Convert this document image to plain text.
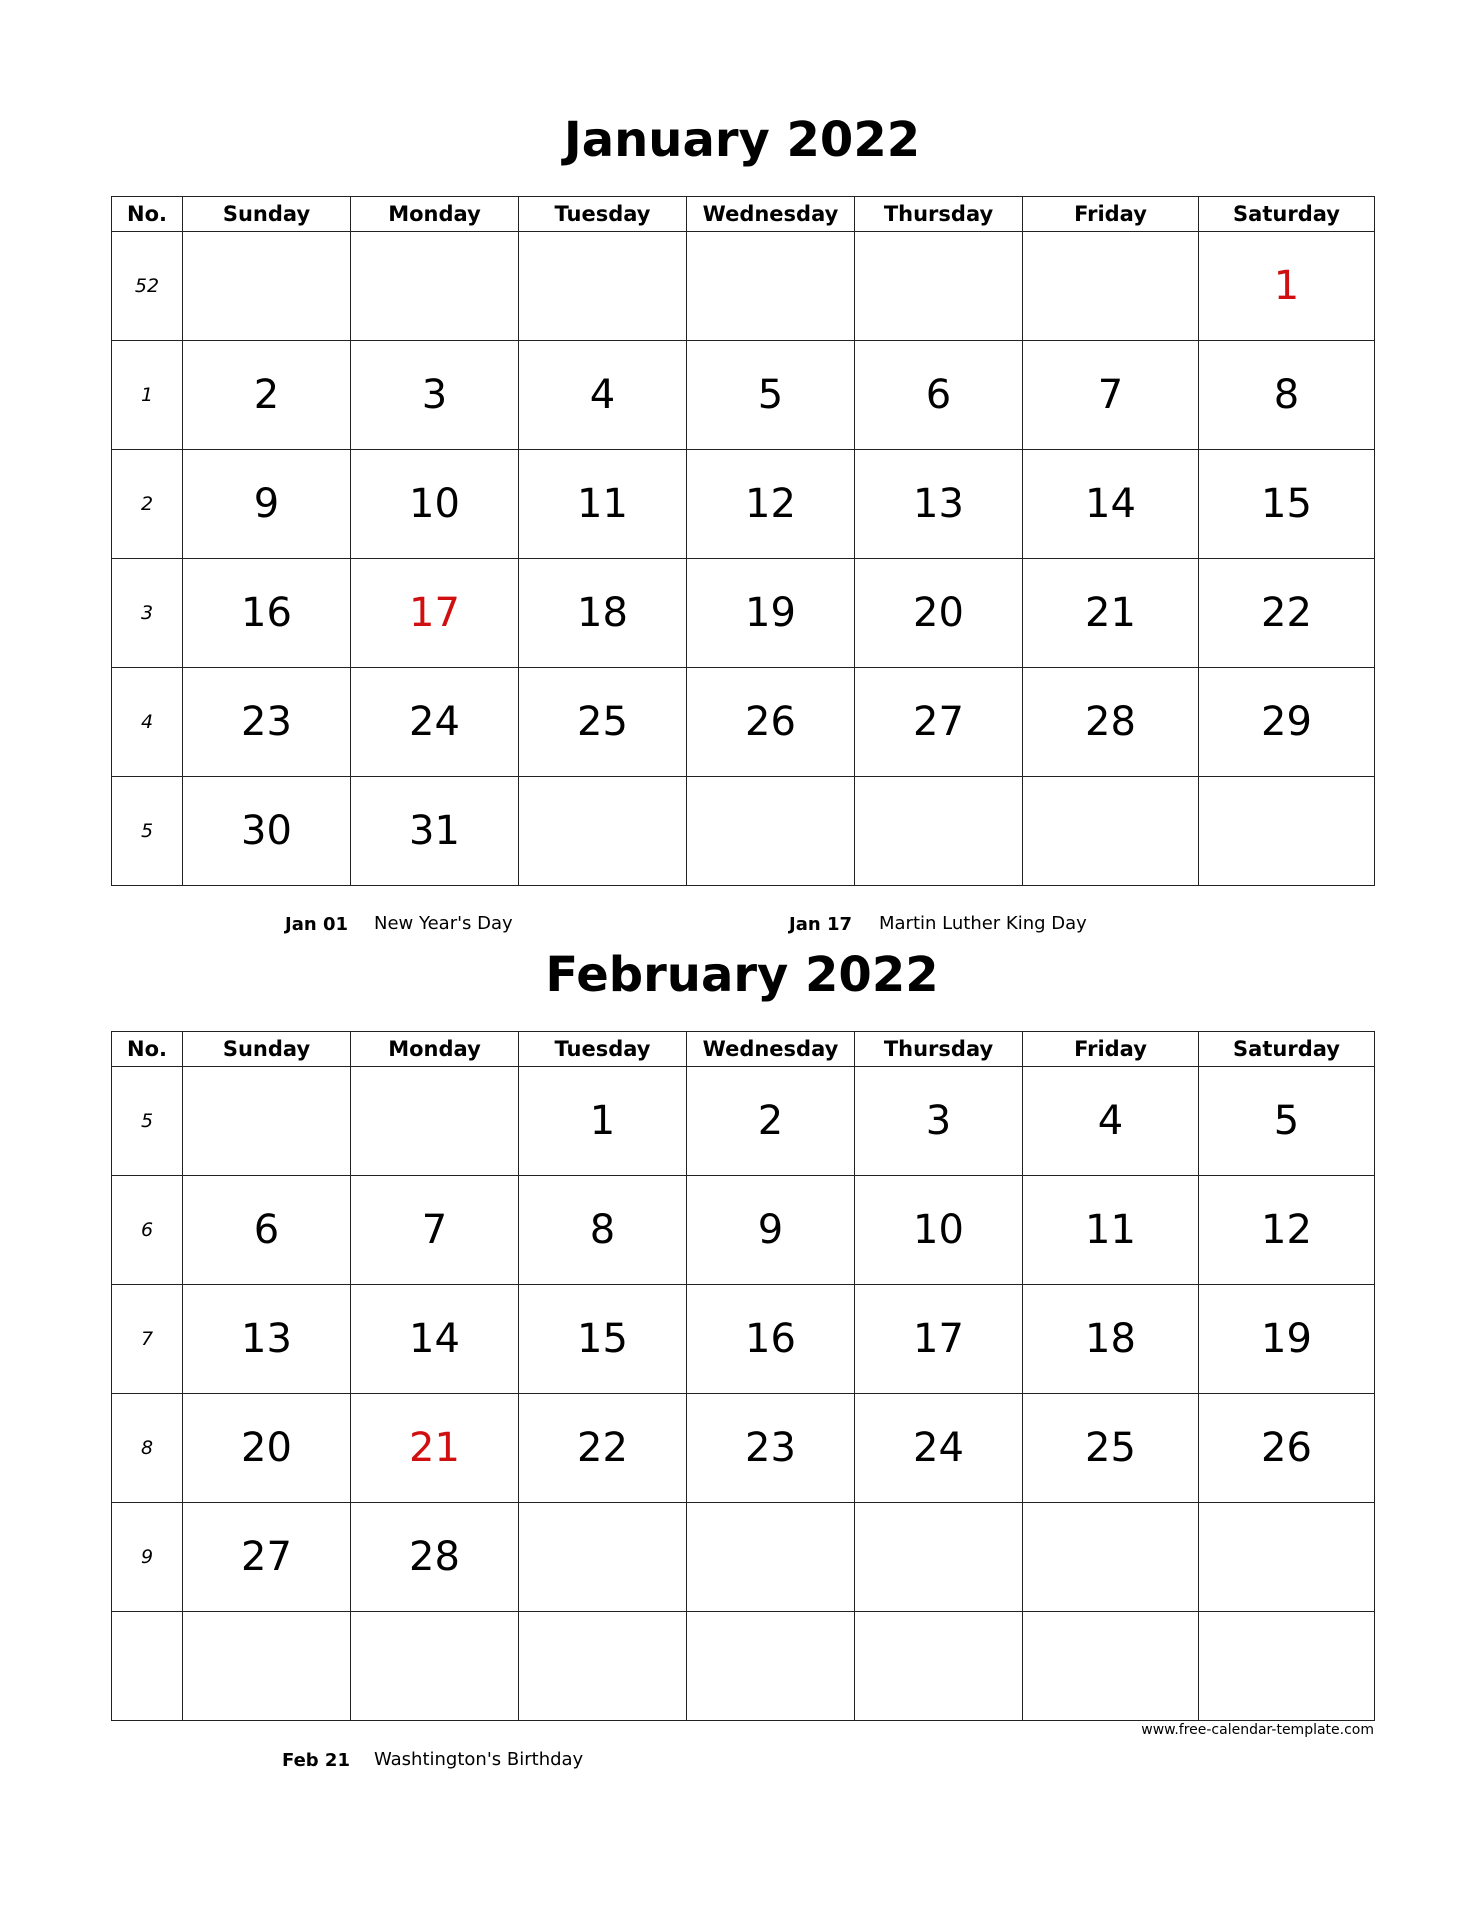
January 2022
No.	Sunday	Monday	Tuesday	Wednesday	Thursday	Friday	Saturday
52							1
1	2	3	4	5	6	7	8
2	9	10	11	12	13	14	15
3	16	17	18	19	20	21	22
4	23	24	25	26	27	28	29
5	30	31					
Jan 01 New Year's Day	Jan 17 Martin Luther King Day
February 2022
No.	Sunday	Monday	Tuesday	Wednesday	Thursday	Friday	Saturday
5			1	2	3	4	5
6	6	7	8	9	10	11	12
7	13	14	15	16	17	18	19
8	20	21	22	23	24	25	26
9	27	28					

Feb 21 Washtington's Birthday
www.free-calendar-template.com
